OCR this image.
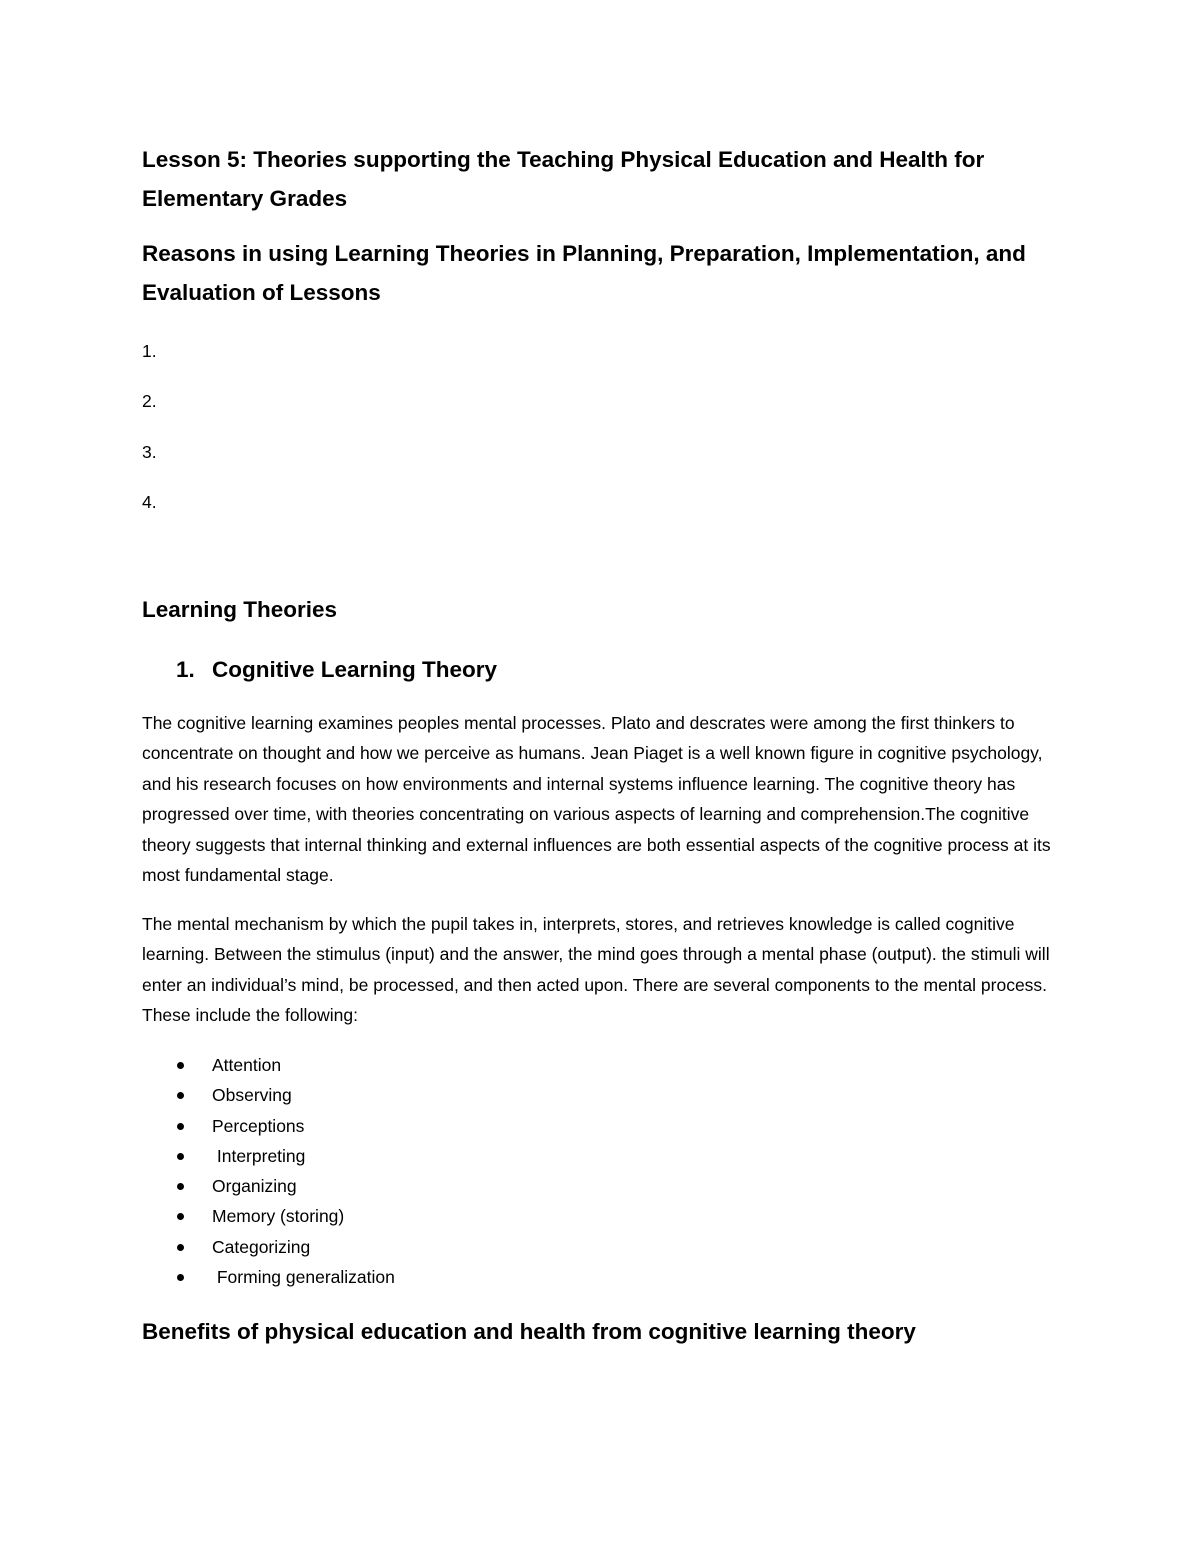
Lesson 5: Theories supporting the Teaching Physical Education and Health for Elementary Grades
Reasons in using Learning Theories in Planning, Preparation, Implementation, and Evaluation of Lessons
1.
2.
3.
4.
Learning Theories
1. Cognitive Learning Theory

The cognitive learning examines peoples mental processes. Plato and descrates were among the first thinkers to concentrate on thought and how we perceive as humans. Jean Piaget is a well known figure in cognitive psychology, and his research focuses on how environments and internal systems influence learning. The cognitive theory has progressed over time, with theories concentrating on various aspects of learning and comprehension.The cognitive theory suggests that internal thinking and external influences are both essential aspects of the cognitive process at its most fundamental stage.

The mental mechanism by which the pupil takes in, interprets, stores, and retrieves knowledge is called cognitive learning. Between the stimulus (input) and the answer, the mind goes through a mental phase (output). the stimuli will enter an individual’s mind, be processed, and then acted upon. There are several components to the mental process. These include the following:

Attention
Observing
Perceptions
Interpreting
Organizing
Memory (storing)
Categorizing
Forming generalization
Benefits of physical education and health from cognitive learning theory
